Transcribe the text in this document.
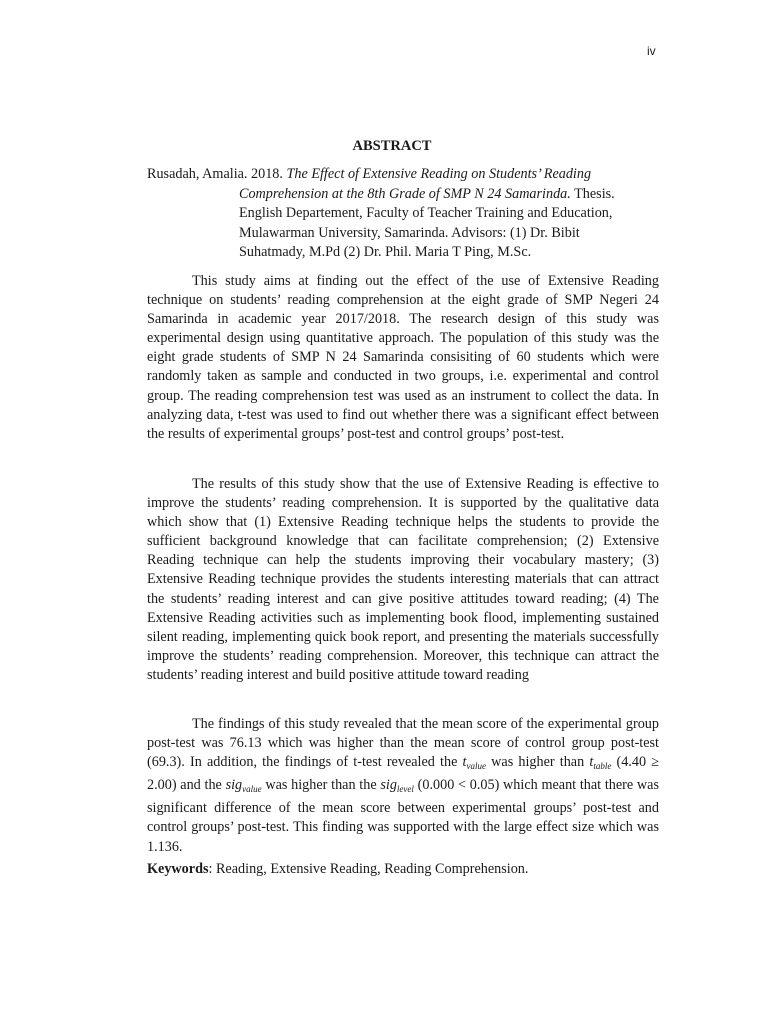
iv
ABSTRACT
Rusadah, Amalia. 2018. The Effect of Extensive Reading on Students’ Reading
Comprehension at the 8th Grade of SMP N 24 Samarinda. Thesis.
English Departement, Faculty of Teacher Training and Education,
Mulawarman University, Samarinda. Advisors: (1) Dr. Bibit
Suhatmady, M.Pd (2) Dr. Phil. Maria T Ping, M.Sc.
This study aims at finding out the effect of the use of Extensive Reading technique on students’ reading comprehension at the eight grade of SMP Negeri 24 Samarinda in academic year 2017/2018. The research design of this study was experimental design using quantitative approach. The population of this study was the eight grade students of SMP N 24 Samarinda consisiting of 60 students which were randomly taken as sample and conducted in two groups, i.e. experimental and control group. The reading comprehension test was used as an instrument to collect the data. In analyzing data, t-test was used to find out whether there was a significant effect between the results of experimental groups’ post-test and control groups’ post-test.
The results of this study show that the use of Extensive Reading is effective to improve the students’ reading comprehension. It is supported by the qualitative data which show that (1) Extensive Reading technique helps the students to provide the sufficient background knowledge that can facilitate comprehension; (2) Extensive Reading technique can help the students improving their vocabulary mastery; (3) Extensive Reading technique provides the students interesting materials that can attract the students’ reading interest and can give positive attitudes toward reading; (4) The Extensive Reading activities such as implementing book flood, implementing sustained silent reading, implementing quick book report, and presenting the materials successfully improve the students’ reading comprehension. Moreover, this technique can attract the students’ reading interest and build positive attitude toward reading
The findings of this study revealed that the mean score of the experimental group post-test was 76.13 which was higher than the mean score of control group post-test (69.3). In addition, the findings of t-test revealed the $t_{value}$ was higher than $t_{table}$ (4.40 ≥ 2.00) and the sig$_{value}$ was higher than the sig$_{level}$ (0.000 < 0.05) which meant that there was significant difference of the mean score between experimental groups’ post-test and control groups’ post-test. This finding was supported with the large effect size which was 1.136.
Keywords: Reading, Extensive Reading, Reading Comprehension.
